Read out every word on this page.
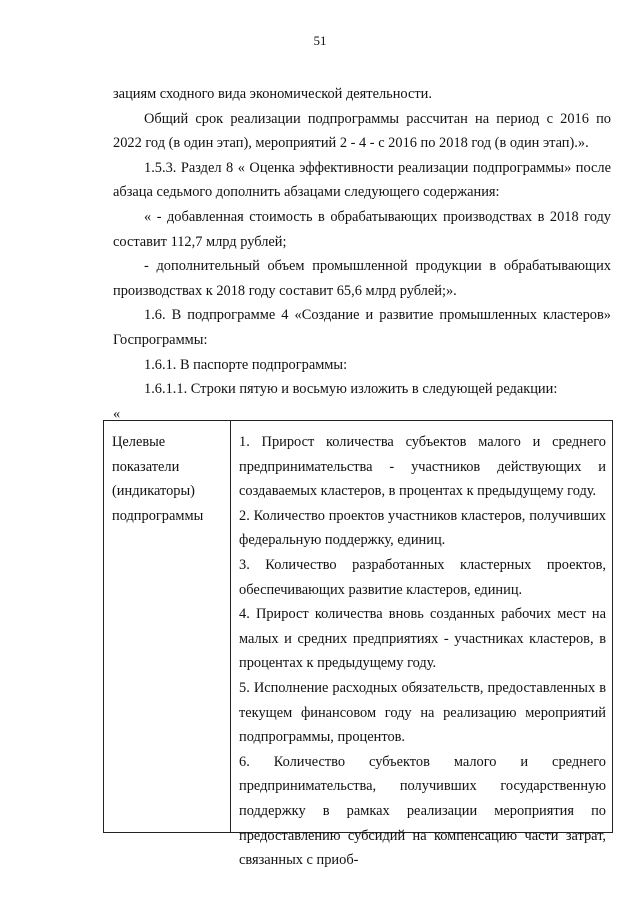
51

зациям сходного вида экономической деятельности.

Общий срок реализации подпрограммы рассчитан на период с 2016 по 2022 год (в один этап), мероприятий 2 - 4 - с 2016 по 2018 год (в один этап).».

1.5.3. Раздел 8 « Оценка эффективности реализации подпрограммы» после абзаца седьмого дополнить абзацами следующего содержания:

« - добавленная стоимость в обрабатывающих производствах в 2018 году составит 112,7 млрд рублей;

- дополнительный объем промышленной продукции в обрабатывающих производствах к 2018 году составит 65,6 млрд рублей;».

1.6. В подпрограмме 4 «Создание и развитие промышленных кластеров» Госпрограммы:

1.6.1. В паспорте подпрограммы:

1.6.1.1. Строки пятую и восьмую изложить в следующей редакции:

«

Целевые показатели (индикаторы) подпрограммы

1. Прирост количества субъектов малого и среднего предпринимательства - участников действующих и создаваемых кластеров, в процентах к предыдущему году.

2. Количество проектов участников кластеров, получивших федеральную поддержку, единиц.

3. Количество разработанных кластерных проектов, обеспечивающих развитие кластеров, единиц.

4. Прирост количества вновь созданных рабочих мест на малых и средних предприятиях - участниках кластеров, в процентах к предыдущему году.

5. Исполнение расходных обязательств, предоставленных в текущем финансовом году на реализацию мероприятий подпрограммы, процентов.

6. Количество субъектов малого и среднего предпринимательства, получивших государственную поддержку в рамках реализации мероприятия по предоставлению субсидий на компенсацию части затрат, связанных с приоб-
